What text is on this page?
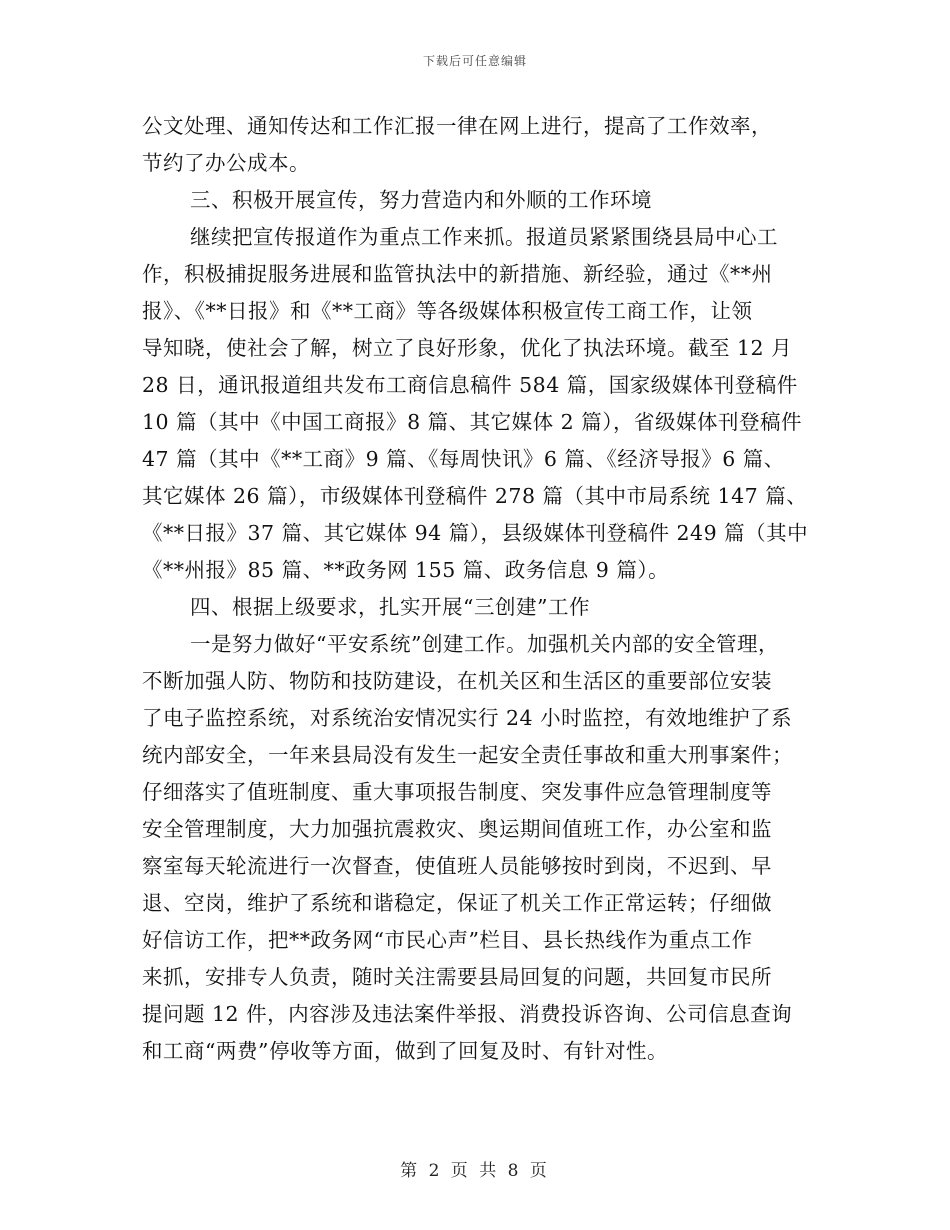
下载后可任意编辑
公文处理、通知传达和工作汇报一律在网上进行，提高了工作效率，
节约了办公成本。
三、积极开展宣传，努力营造内和外顺的工作环境
继续把宣传报道作为重点工作来抓。报道员紧紧围绕县局中心工
作，积极捕捉服务进展和监管执法中的新措施、新经验，通过《**州
报》、《**日报》和《**工商》等各级媒体积极宣传工商工作，让领
导知晓，使社会了解，树立了良好形象，优化了执法环境。截至 12 月
28 日，通讯报道组共发布工商信息稿件 584 篇，国家级媒体刊登稿件
10 篇（其中《中国工商报》8 篇、其它媒体 2 篇），省级媒体刊登稿件
47 篇（其中《**工商》9 篇、《每周快讯》6 篇、《经济导报》6 篇、
其它媒体 26 篇），市级媒体刊登稿件 278 篇（其中市局系统 147 篇、
《**日报》37 篇、其它媒体 94 篇），县级媒体刊登稿件 249 篇（其中
《**州报》85 篇、**政务网 155 篇、政务信息 9 篇）。
四、根据上级要求，扎实开展“三创建”工作
一是努力做好“平安系统”创建工作。加强机关内部的安全管理，
不断加强人防、物防和技防建设，在机关区和生活区的重要部位安装
了电子监控系统，对系统治安情况实行 24 小时监控，有效地维护了系
统内部安全，一年来县局没有发生一起安全责任事故和重大刑事案件；
仔细落实了值班制度、重大事项报告制度、突发事件应急管理制度等
安全管理制度，大力加强抗震救灾、奥运期间值班工作，办公室和监
察室每天轮流进行一次督查，使值班人员能够按时到岗，不迟到、早
退、空岗，维护了系统和谐稳定，保证了机关工作正常运转；仔细做
好信访工作，把**政务网“市民心声”栏目、县长热线作为重点工作
来抓，安排专人负责，随时关注需要县局回复的问题，共回复市民所
提问题 12 件，内容涉及违法案件举报、消费投诉咨询、公司信息查询
和工商“两费”停收等方面，做到了回复及时、有针对性。
第 2 页 共 8 页
